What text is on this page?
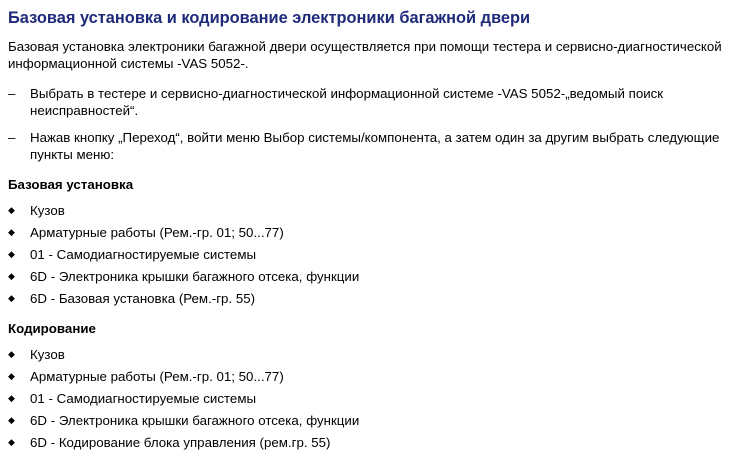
Базовая установка и кодирование электроники багажной двери

Базовая установка электроники багажной двери осуществляется при помощи тестера и сервисно-диагностической информационной системы -VAS 5052-.

–	Выбрать в тестере и сервисно-диагностической информационной системе -VAS 5052-„ведомый поиск неисправностей“.
–	Нажав кнопку „Переход“, войти меню Выбор системы/компонента, а затем один за другим выбрать следующие пункты меню:
Базовая установка
◆	Кузов
◆	Арматурные работы (Рем.-гр. 01; 50...77)
◆	01 - Самодиагностируемые системы
◆	6D - Электроника крышки багажного отсека, функции
◆	6D - Базовая установка (Рем.-гр. 55)
Кодирование
◆	Кузов
◆	Арматурные работы (Рем.-гр. 01; 50...77)
◆	01 - Самодиагностируемые системы
◆	6D - Электроника крышки багажного отсека, функции
◆	6D - Кодирование блока управления (рем.гр. 55)
